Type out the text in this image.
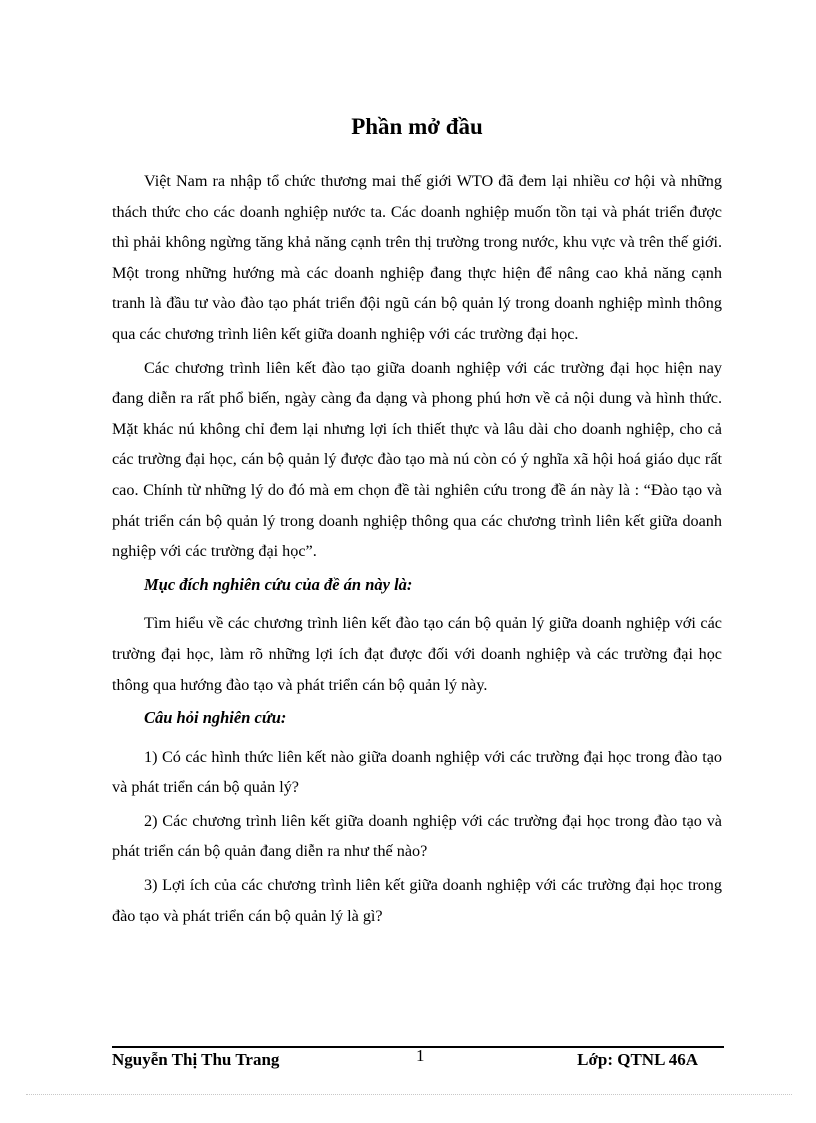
Phần mở đầu

Việt Nam ra nhập tổ chức thương mai thế giới WTO đã đem lại nhiều cơ hội và những thách thức cho các doanh nghiệp nước ta. Các doanh nghiệp muốn tồn tại và phát triển được thì phải không ngừng tăng khả năng cạnh trên thị trường trong nước, khu vực và trên thế giới. Một trong những hướng mà các doanh nghiệp đang thực hiện để nâng cao khả năng cạnh tranh là đầu tư vào đào tạo phát triển đội ngũ cán bộ quản lý trong doanh nghiệp mình thông qua các chương trình liên kết giữa doanh nghiệp với các trường đại học.

Các chương trình liên kết đào tạo giữa doanh nghiệp với các trường đại học hiện nay đang diễn ra rất phổ biến, ngày càng đa dạng và phong phú hơn về cả nội dung và hình thức. Mặt khác nú không chỉ đem lại nhưng lợi ích thiết thực và lâu dài cho doanh nghiệp, cho cả các trường đại học, cán bộ quản lý được đào tạo mà nú còn có ý nghĩa xã hội hoá giáo dục rất cao. Chính từ những lý do đó mà em chọn đề tài nghiên cứu trong đề án này là : “Đào tạo và phát triển cán bộ quản lý trong doanh nghiệp thông qua các chương trình liên kết giữa doanh nghiệp với các trường đại học”.

Mục đích nghiên cứu của đề án này là:

Tìm hiểu về các chương trình liên kết đào tạo cán bộ quản lý giữa doanh nghiệp với các trường đại học, làm rõ những lợi ích đạt được đối với doanh nghiệp và các trường đại học thông qua hướng đào tạo và phát triển cán bộ quản lý này.

Câu hỏi nghiên cứu:

1) Có các hình thức liên kết nào giữa doanh nghiệp với các trường đại học trong đào tạo và phát triển cán bộ quản lý?
2) Các chương trình liên kết giữa doanh nghiệp với các trường đại học trong đào tạo và phát triển cán bộ quản đang diễn ra như thế nào?
3) Lợi ích của các chương trình liên kết giữa doanh nghiệp với các trường đại học trong đào tạo và phát triển cán bộ quản lý là gì?
Nguyễn Thị Thu Trang	1	Lớp: QTNL 46A
